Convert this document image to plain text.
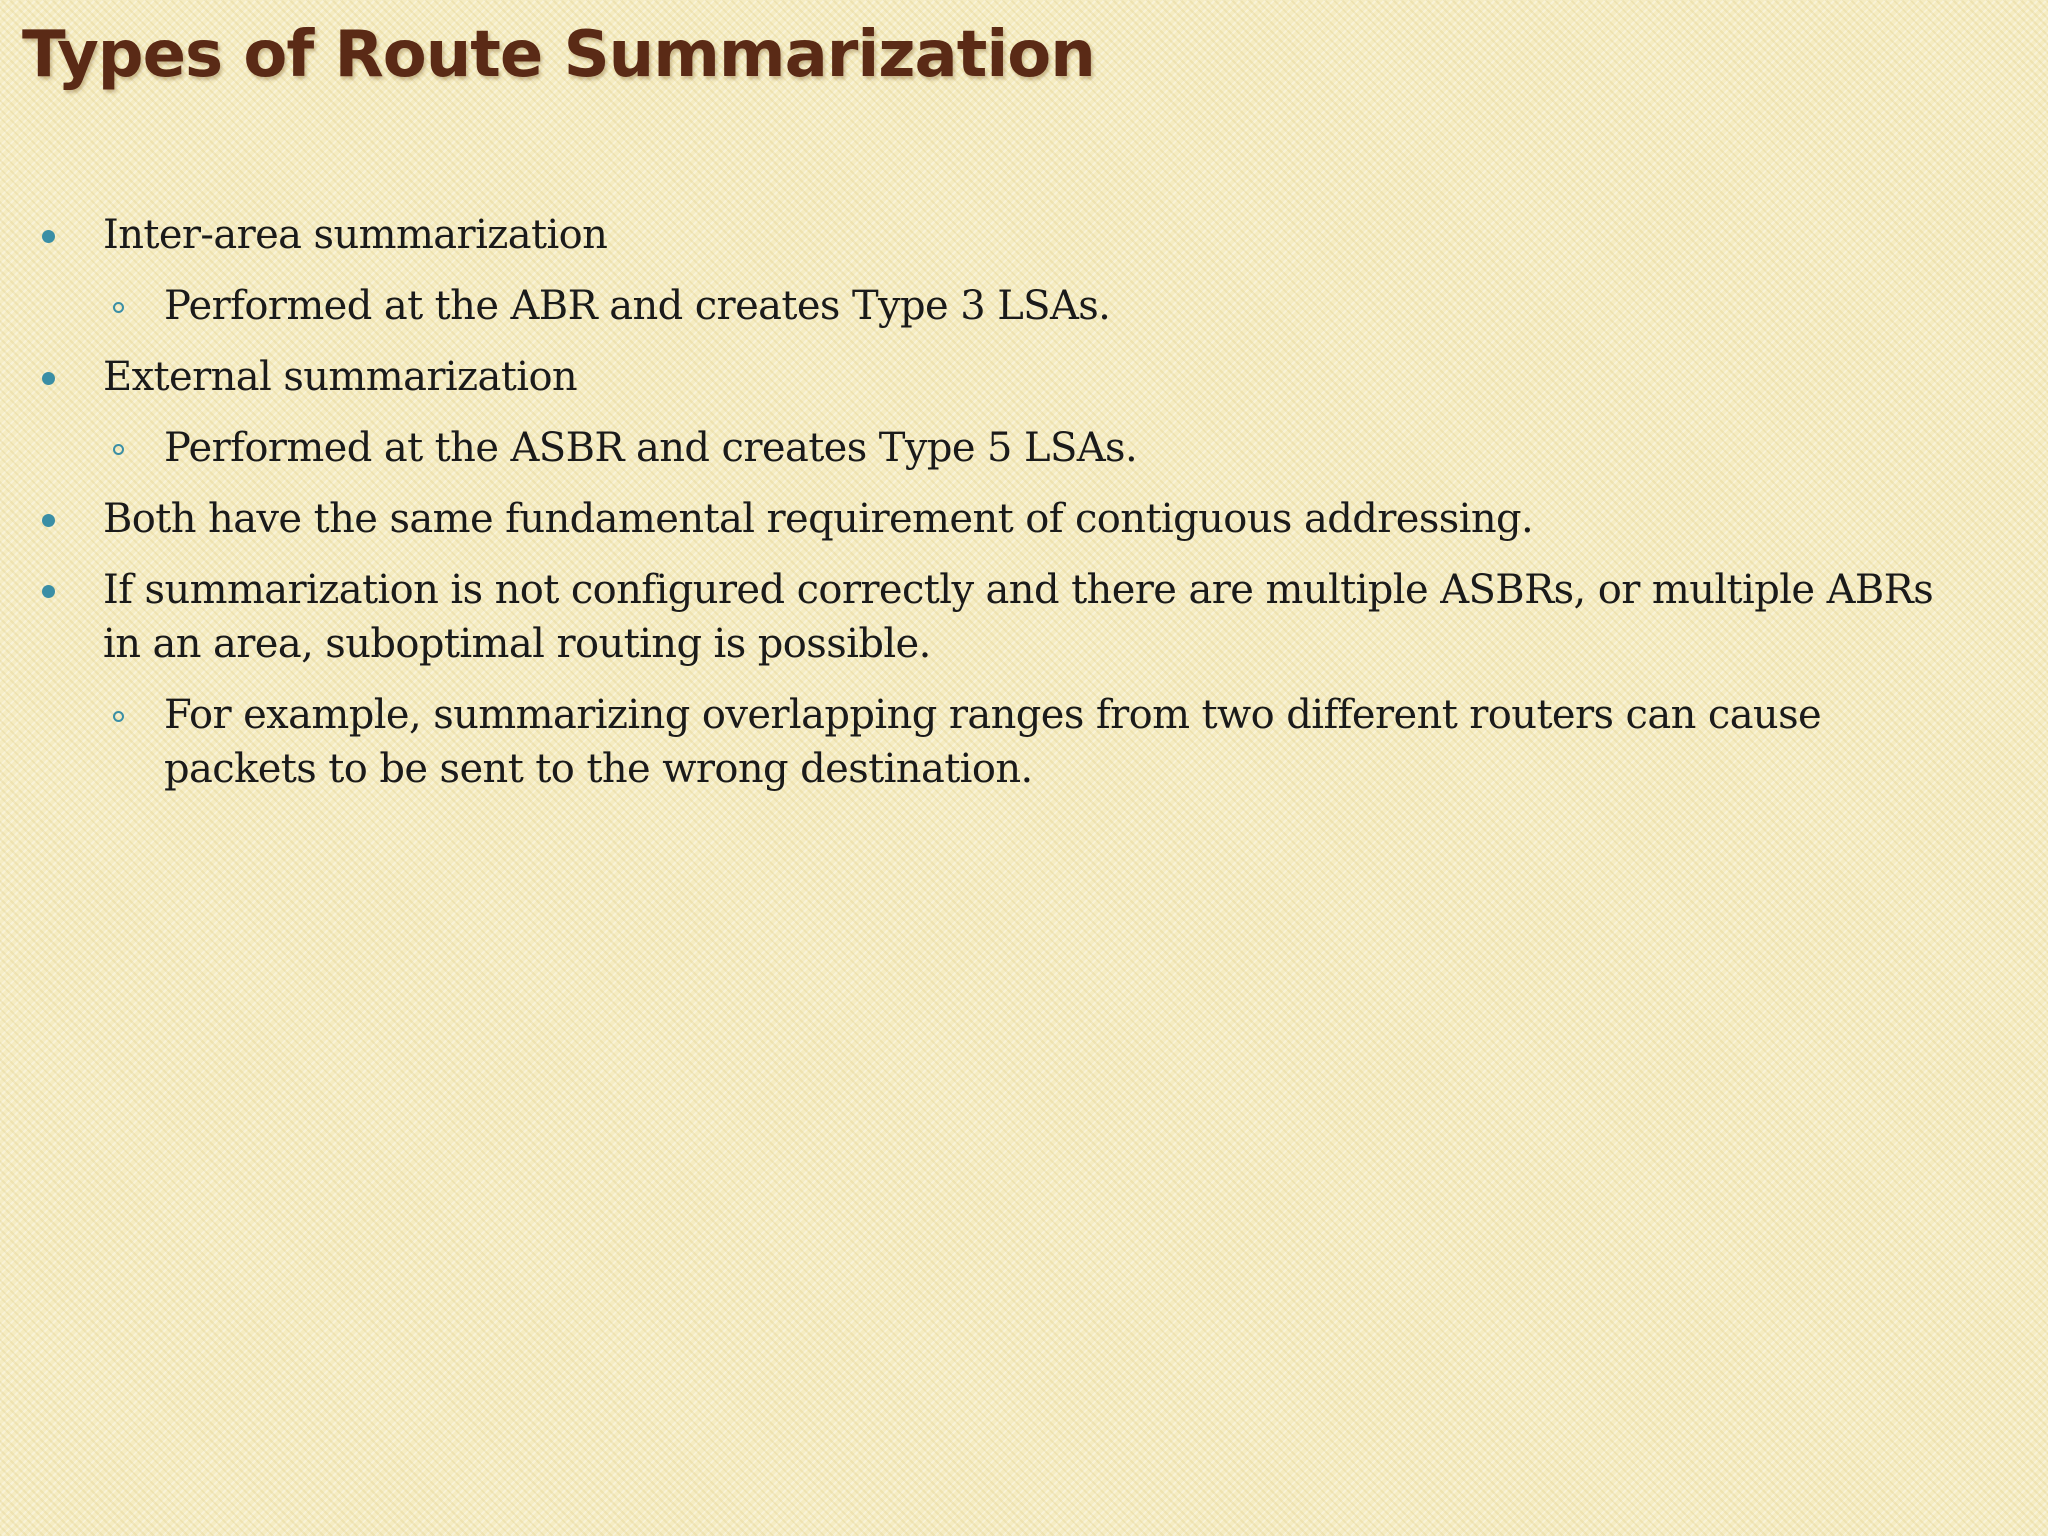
Types of Route Summarization
Inter-area summarization
Performed at the ABR and creates Type 3 LSAs.
External summarization
Performed at the ASBR and creates Type 5 LSAs.
Both have the same fundamental requirement of contiguous addressing.
If summarization is not configured correctly and there are multiple ASBRs, or multiple ABRs in an area, suboptimal routing is possible.
For example, summarizing overlapping ranges from two different routers can cause packets to be sent to the wrong destination.
